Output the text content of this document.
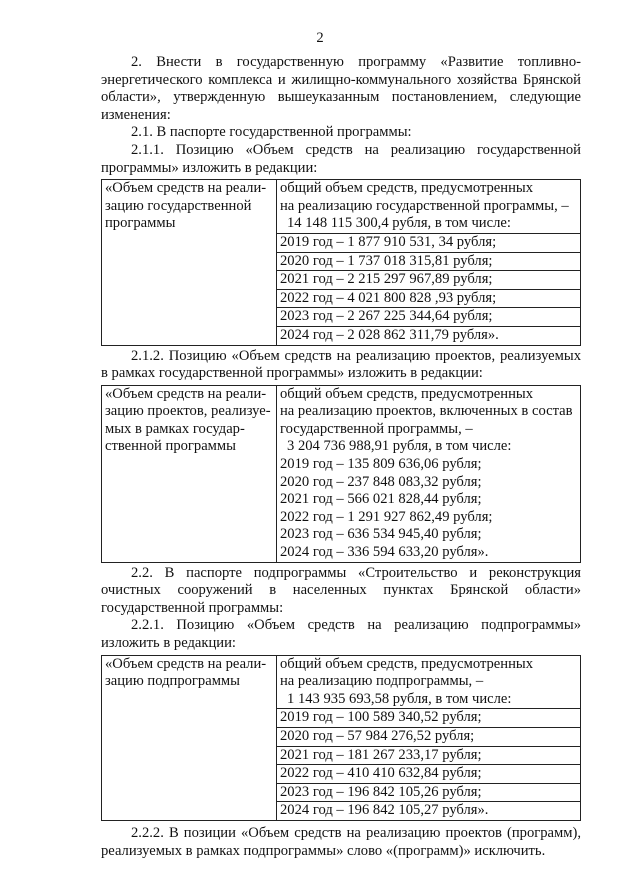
2

2. Внести в государственную программу «Развитие топливно-энергетического комплекса и жилищно-коммунального хозяйства Брянской области», утвержденную вышеуказанным постановлением, следующие изменения:

2.1. В паспорте государственной программы:

2.1.1. Позицию «Объем средств на реализацию государственной программы» изложить в редакции:

«Объем средств на реали-
зацию государственной
программы

общий объем средств, предусмотренных
на реализацию государственной программы, –
14 148 115 300,4 рубля, в том числе:
2019 год – 1 877 910 531, 34 рубля;
2020 год – 1 737 018 315,81 рубля;
2021 год – 2 215 297 967,89 рубля;
2022 год – 4 021 800 828 ,93 рубля;
2023 год – 2 267 225 344,64 рубля;
2024 год – 2 028 862 311,79 рубля».

2.1.2. Позицию «Объем средств на реализацию проектов, реализуемых в рамках государственной программы» изложить в редакции:

«Объем средств на реали-
зацию проектов, реализуе-
мых в рамках государ-
ственной программы

общий объем средств, предусмотренных
на реализацию проектов, включенных в состав
государственной программы, –
3 204 736 988,91 рубля, в том числе:
2019 год – 135 809 636,06 рубля;
2020 год – 237 848 083,32 рубля;
2021 год – 566 021 828,44 рубля;
2022 год – 1 291 927 862,49 рубля;
2023 год – 636 534 945,40 рубля;
2024 год – 336 594 633,20 рубля».

2.2. В паспорте подпрограммы «Строительство и реконструкция очистных сооружений в населенных пунктах Брянской области» государственной программы:

2.2.1. Позицию «Объем средств на реализацию подпрограммы» изложить в редакции:

«Объем средств на реали-
зацию подпрограммы

общий объем средств, предусмотренных
на реализацию подпрограммы, –
1 143 935 693,58 рубля, в том числе:
2019 год – 100 589 340,52 рубля;
2020 год – 57 984 276,52 рубля;
2021 год – 181 267 233,17 рубля;
2022 год – 410 410 632,84 рубля;
2023 год – 196 842 105,26 рубля;
2024 год – 196 842 105,27 рубля».

2.2.2. В позиции «Объем средств на реализацию проектов (программ), реализуемых в рамках подпрограммы» слово «(программ)» исключить.
